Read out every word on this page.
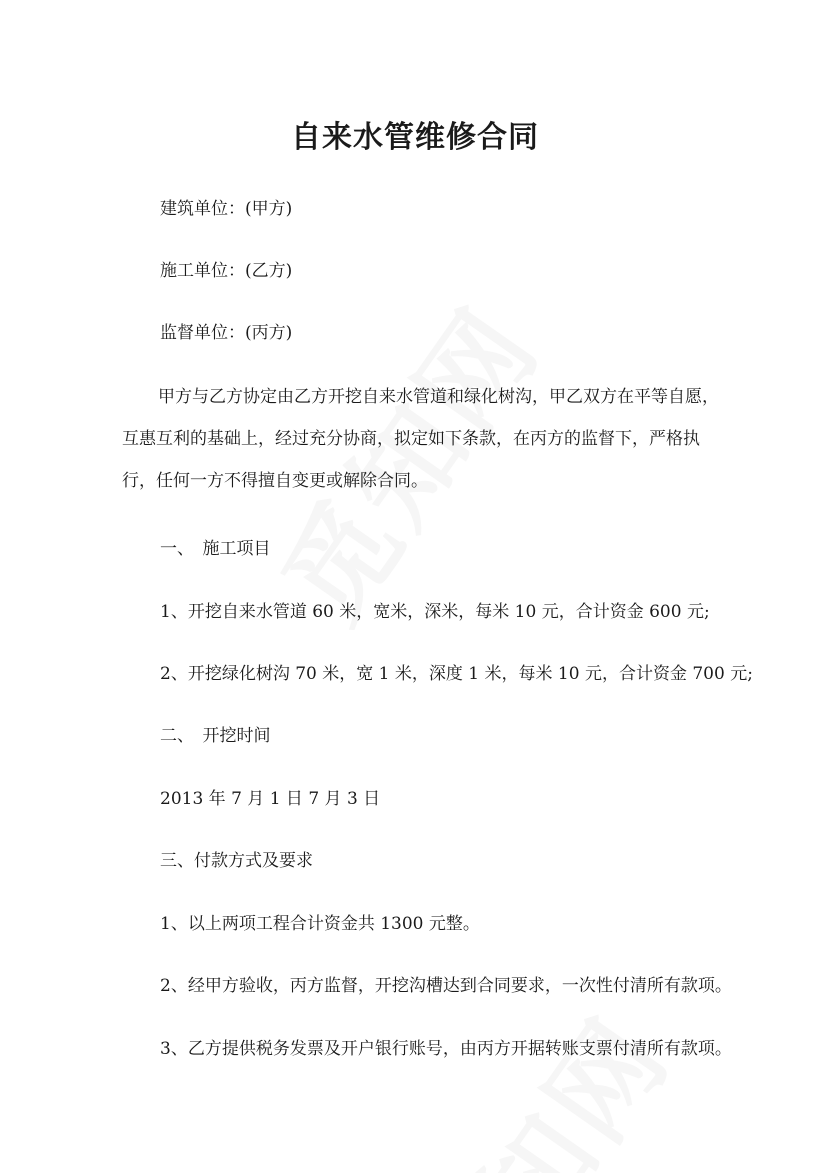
自来水管维修合同

建筑单位：(甲方)

施工单位：(乙方)

监督单位：(丙方)

甲方与乙方协定由乙方开挖自来水管道和绿化树沟，甲乙双方在平等自愿，互惠互利的基础上，经过充分协商，拟定如下条款，在丙方的监督下，严格执行，任何一方不得擅自变更或解除合同。

一、　施工项目

1、开挖自来水管道 60 米，宽米，深米，每米 10 元，合计资金 600 元;

2、开挖绿化树沟 70 米，宽 1 米，深度 1 米，每米 10 元，合计资金 700 元;

二、　开挖时间

2013 年 7 月 1 日 7 月 3 日

三、付款方式及要求

1、以上两项工程合计资金共 1300 元整。

2、经甲方验收，丙方监督，开挖沟槽达到合同要求，一次性付清所有款项。

3、乙方提供税务发票及开户银行账号，由丙方开据转账支票付清所有款项。
